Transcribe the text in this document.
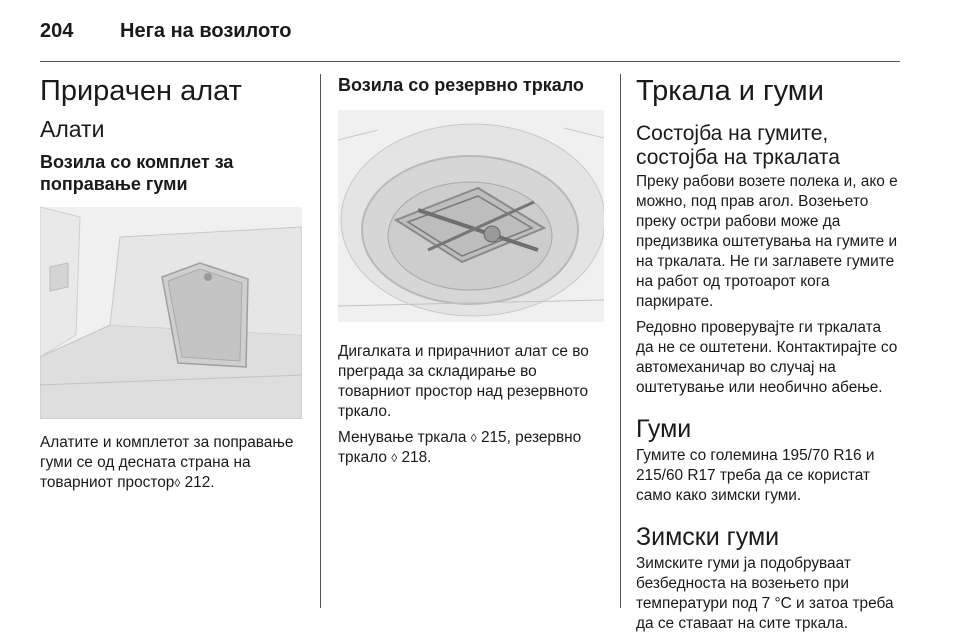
204 Нега на возилото
Прирачен алат
Алати
Возила со комплет за поправање гуми

Алатите и комплетот за поправање гуми се од десната страна на товарниот простор◊ 212.

Возила со резервно тркало

Дигалката и прирачниот алат се во преграда за складирање во товарниот простор над резервното тркало.

Менување тркала ◊ 215, резервно тркало ◊ 218.

Тркала и гуми
Состојба на гумите, состојба на тркалата

Преку рабови возете полека и, ако е можно, под прав агол. Возењето преку остри рабови може да предизвика оштетувања на гумите и на тркалата. Не ги заглавете гумите на работ од тротоарот кога паркирате.

Редовно проверувајте ги тркалата да не се оштетени. Контактирајте со автомеханичар во случај на оштетување или необично абење.

Гуми

Гумите со големина 195/70 R16 и 215/60 R17 треба да се користат само како зимски гуми.

Зимски гуми

Зимските гуми ја подобруваат безбедноста на возењето при температури под 7 °C и затоа треба да се ставаат на сите тркала.
